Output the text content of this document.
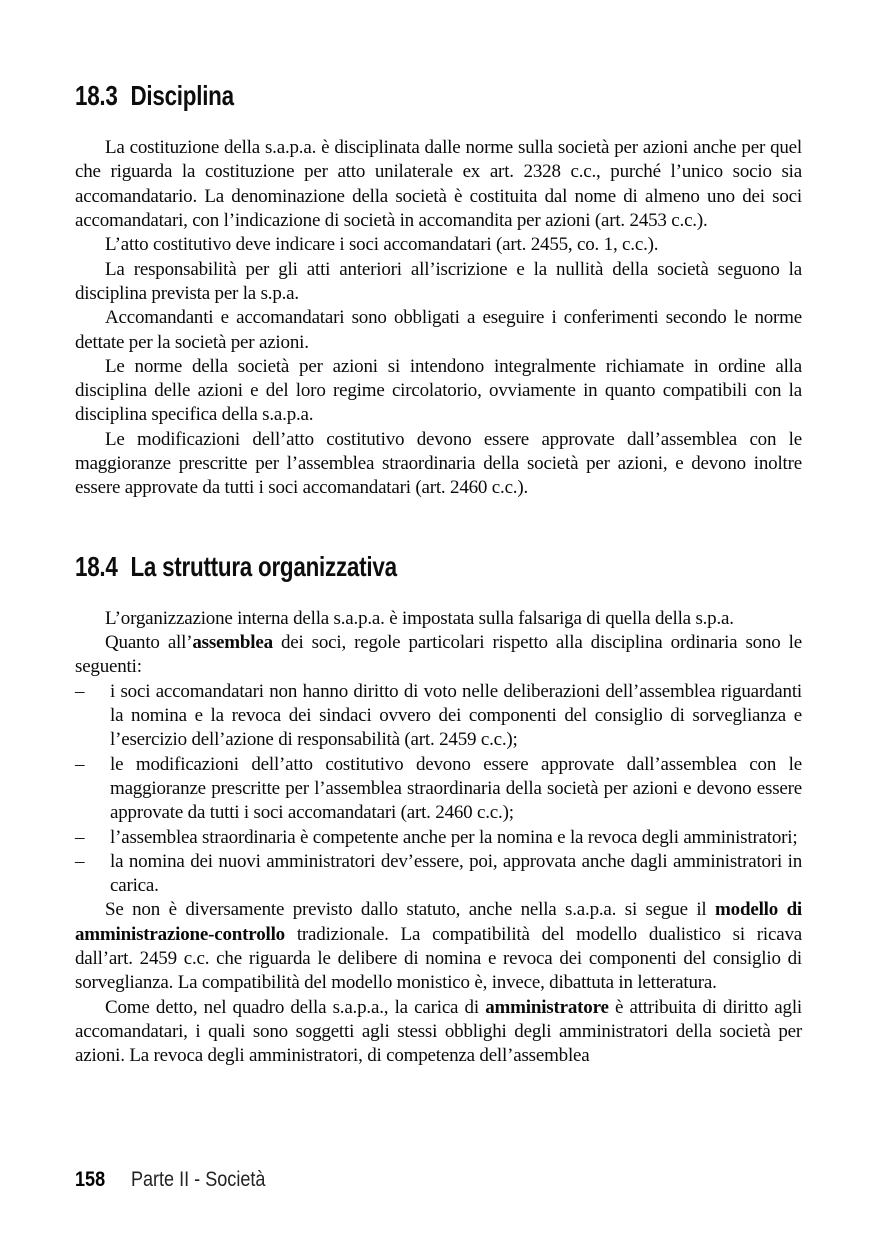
18.3 Disciplina
La costituzione della s.a.p.a. è disciplinata dalle norme sulla società per azioni anche per quel che riguarda la costituzione per atto unilaterale ex art. 2328 c.c., purché l’unico socio sia accomandatario. La denominazione della società è costituita dal nome di almeno uno dei soci accomandatari, con l’indicazione di società in accomandita per azioni (art. 2453 c.c.).
L’atto costitutivo deve indicare i soci accomandatari (art. 2455, co. 1, c.c.).
La responsabilità per gli atti anteriori all’iscrizione e la nullità della società seguono la disciplina prevista per la s.p.a.
Accomandanti e accomandatari sono obbligati a eseguire i conferimenti secondo le norme dettate per la società per azioni.
Le norme della società per azioni si intendono integralmente richiamate in ordine alla disciplina delle azioni e del loro regime circolatorio, ovviamente in quanto compatibili con la disciplina specifica della s.a.p.a.
Le modificazioni dell’atto costitutivo devono essere approvate dall’assemblea con le maggioranze prescritte per l’assemblea straordinaria della società per azioni, e devono inoltre essere approvate da tutti i soci accomandatari (art. 2460 c.c.).
18.4 La struttura organizzativa
L’organizzazione interna della s.a.p.a. è impostata sulla falsariga di quella della s.p.a.
Quanto all’assemblea dei soci, regole particolari rispetto alla disciplina ordinaria sono le seguenti:
– i soci accomandatari non hanno diritto di voto nelle deliberazioni dell’assemblea riguardanti la nomina e la revoca dei sindaci ovvero dei componenti del consiglio di sorveglianza e l’esercizio dell’azione di responsabilità (art. 2459 c.c.);
– le modificazioni dell’atto costitutivo devono essere approvate dall’assemblea con le maggioranze prescritte per l’assemblea straordinaria della società per azioni e devono essere approvate da tutti i soci accomandatari (art. 2460 c.c.);
– l’assemblea straordinaria è competente anche per la nomina e la revoca degli amministratori;
– la nomina dei nuovi amministratori dev’essere, poi, approvata anche dagli amministratori in carica.
Se non è diversamente previsto dallo statuto, anche nella s.a.p.a. si segue il modello di amministrazione-controllo tradizionale. La compatibilità del modello dualistico si ricava dall’art. 2459 c.c. che riguarda le delibere di nomina e revoca dei componenti del consiglio di sorveglianza. La compatibilità del modello monistico è, invece, dibattuta in letteratura.
Come detto, nel quadro della s.a.p.a., la carica di amministratore è attribuita di diritto agli accomandatari, i quali sono soggetti agli stessi obblighi degli amministratori della società per azioni. La revoca degli amministratori, di competenza dell’assemblea
158 Parte II - Società
